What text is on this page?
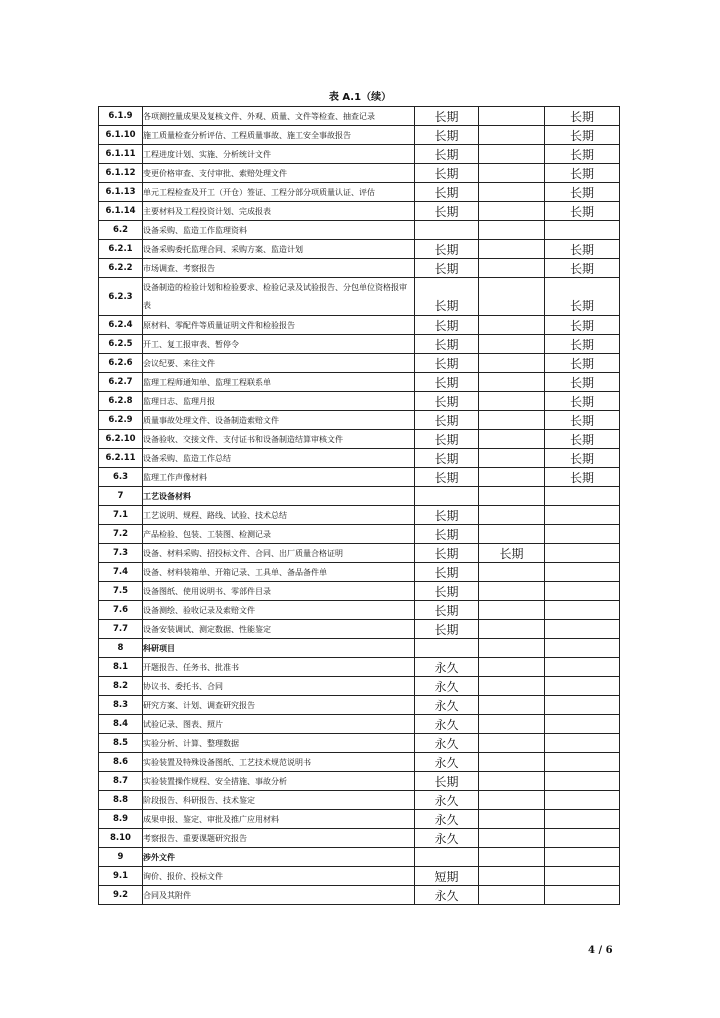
表 A.1（续）
6.1.9	各项测控量成果及复核文件、外观、质量、文件等检查、抽查记录	长期		长期
6.1.10	施工质量检查分析评估、工程质量事故、施工安全事故报告	长期		长期
6.1.11	工程进度计划、实施、分析统计文件	长期		长期
6.1.12	变更价格审查、支付审批、索赔处理文件	长期		长期
6.1.13	单元工程检查及开工（开仓）签证、工程分部分项质量认证、评估	长期		长期
6.1.14	主要材料及工程投资计划、完成报表	长期		长期
6.2	设备采购、监造工作监理资料			
6.2.1	设备采购委托监理合同、采购方案、监造计划	长期		长期
6.2.2	市场调查、考察报告	长期		长期
6.2.3	设备制造的检验计划和检验要求、检验记录及试验报告、分包单位资格报审表	长期		长期
6.2.4	原材料、零配件等质量证明文件和检验报告	长期		长期
6.2.5	开工、复工报审表、暂停令	长期		长期
6.2.6	会议纪要、来往文件	长期		长期
6.2.7	监理工程师通知单、监理工程联系单	长期		长期
6.2.8	监理日志、监理月报	长期		长期
6.2.9	质量事故处理文件、设备制造索赔文件	长期		长期
6.2.10	设备验收、交接文件、支付证书和设备制造结算审核文件	长期		长期
6.2.11	设备采购、监造工作总结	长期		长期
6.3	监理工作声像材料	长期		长期
7	工艺设备材料			
7.1	工艺说明、规程、路线、试验、技术总结	长期		
7.2	产品检验、包装、工装图、检测记录	长期		
7.3	设备、材料采购、招投标文件、合同、出厂质量合格证明	长期	长期	
7.4	设备、材料装箱单、开箱记录、工具单、备品备件单	长期		
7.5	设备图纸、使用说明书、零部件目录	长期		
7.6	设备测绘、验收记录及索赔文件	长期		
7.7	设备安装调试、测定数据、性能鉴定	长期		
8	科研项目			
8.1	开题报告、任务书、批准书	永久		
8.2	协议书、委托书、合同	永久		
8.3	研究方案、计划、调查研究报告	永久		
8.4	试验记录、图表、照片	永久		
8.5	实验分析、计算、整理数据	永久		
8.6	实验装置及特殊设备图纸、工艺技术规范说明书	永久		
8.7	实验装置操作规程、安全措施、事故分析	长期		
8.8	阶段报告、科研报告、技术鉴定	永久		
8.9	成果申报、鉴定、审批及推广应用材料	永久		
8.10	考察报告、重要课题研究报告	永久		
9	涉外文件			
9.1	询价、报价、投标文件	短期		
9.2	合同及其附件	永久		
4 / 6
